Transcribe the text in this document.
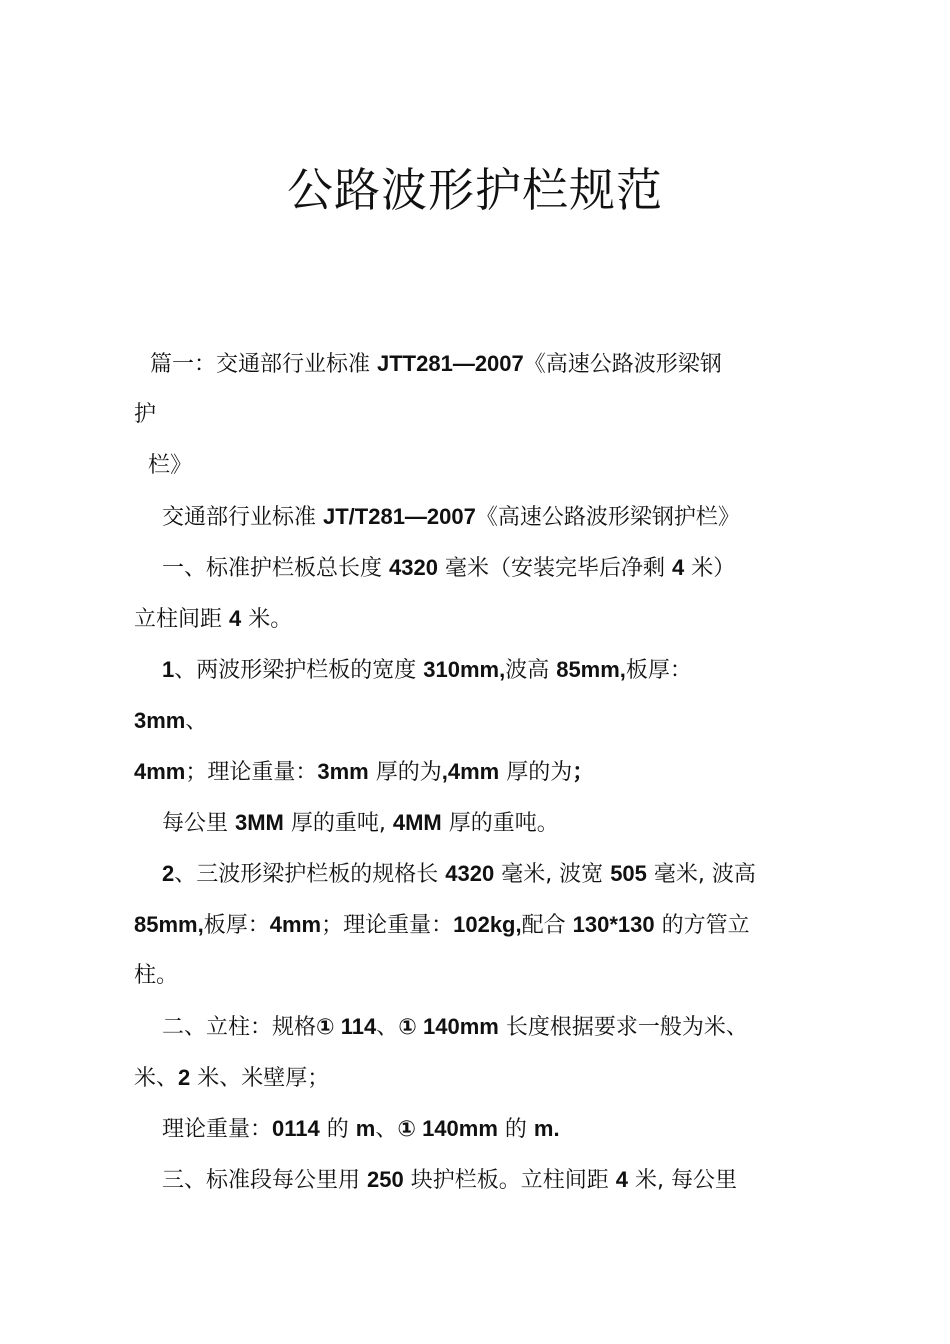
公路波形护栏规范
篇一：交通部行业标准 JTT281—2007《高速公路波形梁钢
护
栏》
交通部行业标准 JT/T281—2007《高速公路波形梁钢护栏》
一、标准护栏板总长度 4320 毫米（安装完毕后净剩 4 米）
立柱间距 4 米。
1、两波形梁护栏板的宽度 310mm,波高 85mm,板厚：
3mm、
4mm；理论重量：3mm 厚的为,4mm 厚的为；
每公里 3MM 厚的重吨, 4MM 厚的重吨。
2、三波形梁护栏板的规格长 4320 毫米, 波宽 505 毫米, 波高
85mm,板厚：4mm；理论重量：102kg,配合 130*130 的方管立
柱。
二、立柱：规格① 114、① 140mm 长度根据要求一般为米、
米、2 米、米壁厚；
理论重量：0114 的 m、① 140mm 的 m.
三、标准段每公里用 250 块护栏板。立柱间距 4 米, 每公里
